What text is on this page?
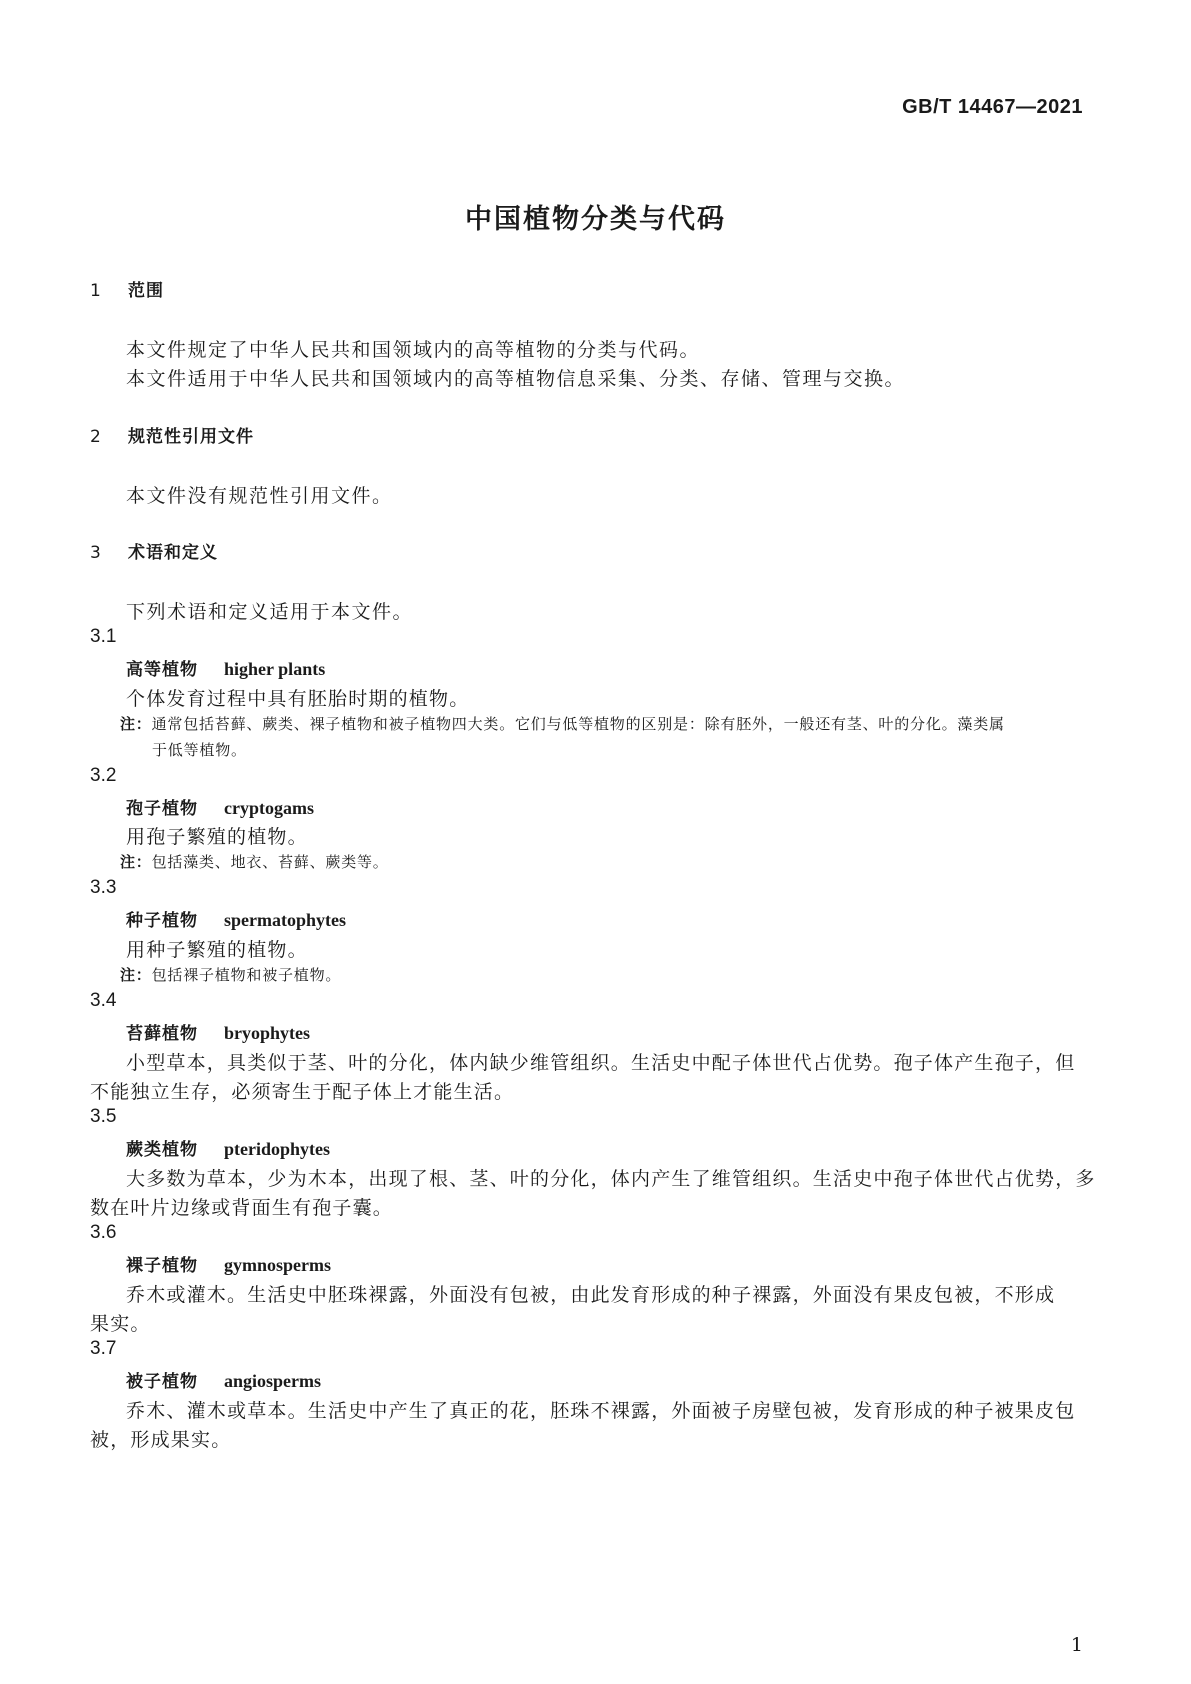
GB/T 14467—2021
中国植物分类与代码
1 范围
本文件规定了中华人民共和国领域内的高等植物的分类与代码。
本文件适用于中华人民共和国领域内的高等植物信息采集、分类、存储、管理与交换。
2 规范性引用文件
本文件没有规范性引用文件。
3 术语和定义
下列术语和定义适用于本文件。
3.1
高等植物 higher plants
个体发育过程中具有胚胎时期的植物。
注：通常包括苔藓、蕨类、裸子植物和被子植物四大类。它们与低等植物的区别是：除有胚外，一般还有茎、叶的分化。藻类属
于低等植物。
3.2
孢子植物 cryptogams
用孢子繁殖的植物。
注：包括藻类、地衣、苔藓、蕨类等。
3.3
种子植物 spermatophytes
用种子繁殖的植物。
注：包括裸子植物和被子植物。
3.4
苔藓植物 bryophytes
小型草本，具类似于茎、叶的分化，体内缺少维管组织。生活史中配子体世代占优势。孢子体产生孢子，但
不能独立生存，必须寄生于配子体上才能生活。
3.5
蕨类植物 pteridophytes
大多数为草本，少为木本，出现了根、茎、叶的分化，体内产生了维管组织。生活史中孢子体世代占优势，多
数在叶片边缘或背面生有孢子囊。
3.6
裸子植物 gymnosperms
乔木或灌木。生活史中胚珠裸露，外面没有包被，由此发育形成的种子裸露，外面没有果皮包被，不形成
果实。
3.7
被子植物 angiosperms
乔木、灌木或草本。生活史中产生了真正的花，胚珠不裸露，外面被子房壁包被，发育形成的种子被果皮包
被，形成果实。
1
